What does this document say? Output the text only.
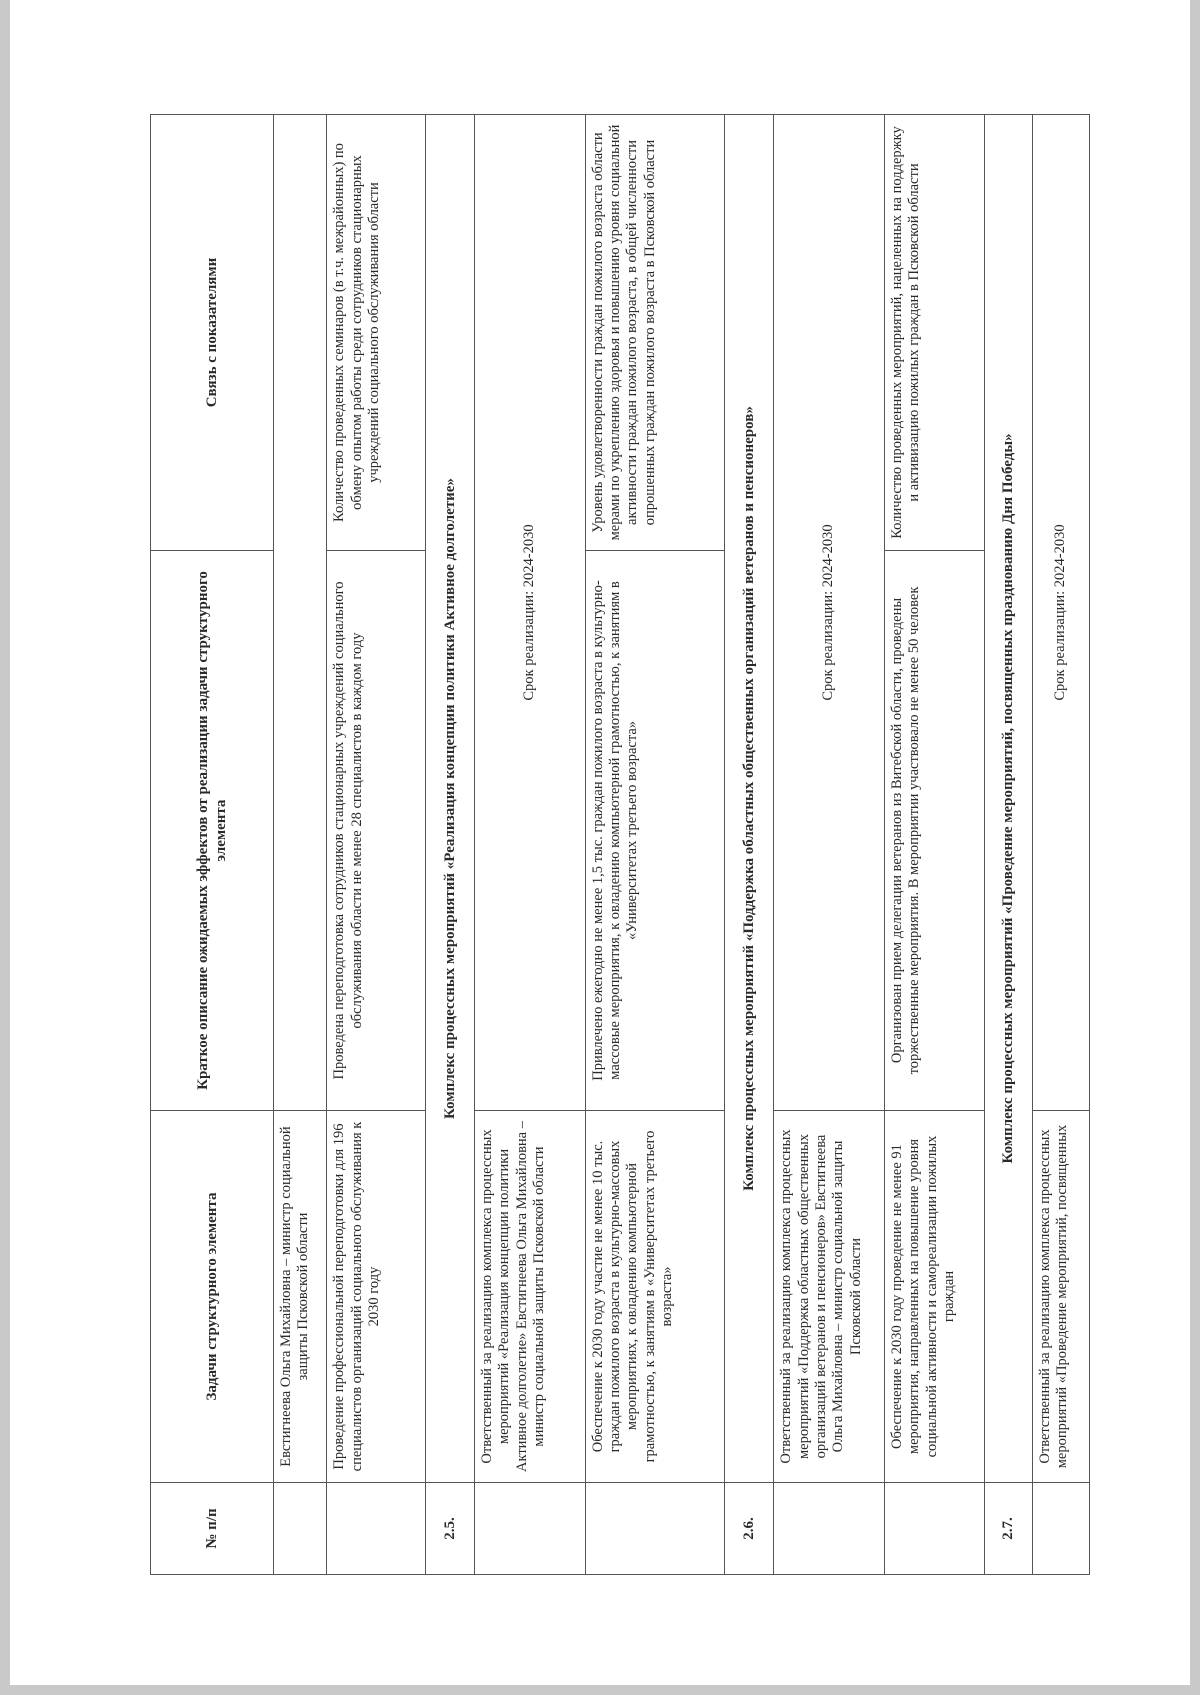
№ п/п	Задачи структурного элемента	Краткое описание ожидаемых эффектов от реализации задачи структурного элемента	Связь с показателями
	Евстигнеева Ольга Михайловна – министр социальной защиты Псковской области		
	Проведение профессиональной переподготовки для 196 специалистов организаций социального обслуживания к 2030 году	Проведена переподготовка сотрудников стационарных учреждений социального обслуживания области не менее 28 специалистов в каждом году	Количество проведенных семинаров (в т.ч. межрайонных) по обмену опытом работы среди сотрудников стационарных учреждений социального обслуживания области
2.5.	Комплекс процессных мероприятий «Реализация концепции политики Активное долголетие»		
	Ответственный за реализацию комплекса процессных мероприятий «Реализация концепции политики Активное долголетие» Евстигнеева Ольга Михайловна – министр социальной защиты Псковской области	Срок реализации: 2024-2030	
	Обеспечение к 2030 году участие не менее 10 тыс. граждан пожилого возраста в культурно-массовых мероприятиях, к овладению компьютерной грамотностью, к занятиям в «Университетах третьего возраста»	Привлечено ежегодно не менее 1,5 тыс. граждан пожилого возраста в культурно-массовые мероприятия, к овладению компьютерной грамотностью, к занятиям в «Университетах третьего возраста»	Уровень удовлетворенности граждан пожилого возраста области мерами по укреплению здоровья и повышению уровня социальной активности граждан пожилого возраста, в общей численности опрошенных граждан пожилого возраста в Псковской области
2.6.	Комплекс процессных мероприятий «Поддержка областных общественных организаций ветеранов и пенсионеров»		
	Ответственный за реализацию комплекса процессных мероприятий «Поддержка областных общественных организаций ветеранов и пенсионеров» Евстигнеева Ольга Михайловна – министр социальной защиты Псковской области	Срок реализации: 2024-2030	
	Обеспечение к 2030 году проведение не менее 91 мероприятия, направленных на повышение уровня социальной активности и самореализации пожилых граждан	Организован прием делегации ветеранов из Витебской области, проведены торжественные мероприятия. В мероприятии участвовало не менее 50 человек	Количество проведенных мероприятий, нацеленных на поддержку и активизацию пожилых граждан в Псковской области
2.7.	Комплекс процессных мероприятий «Проведение мероприятий, посвященных празднованию Дня Победы»		
	Ответственный за реализацию комплекса процессных мероприятий «Проведение мероприятий, посвященных	Срок реализации: 2024-2030	
